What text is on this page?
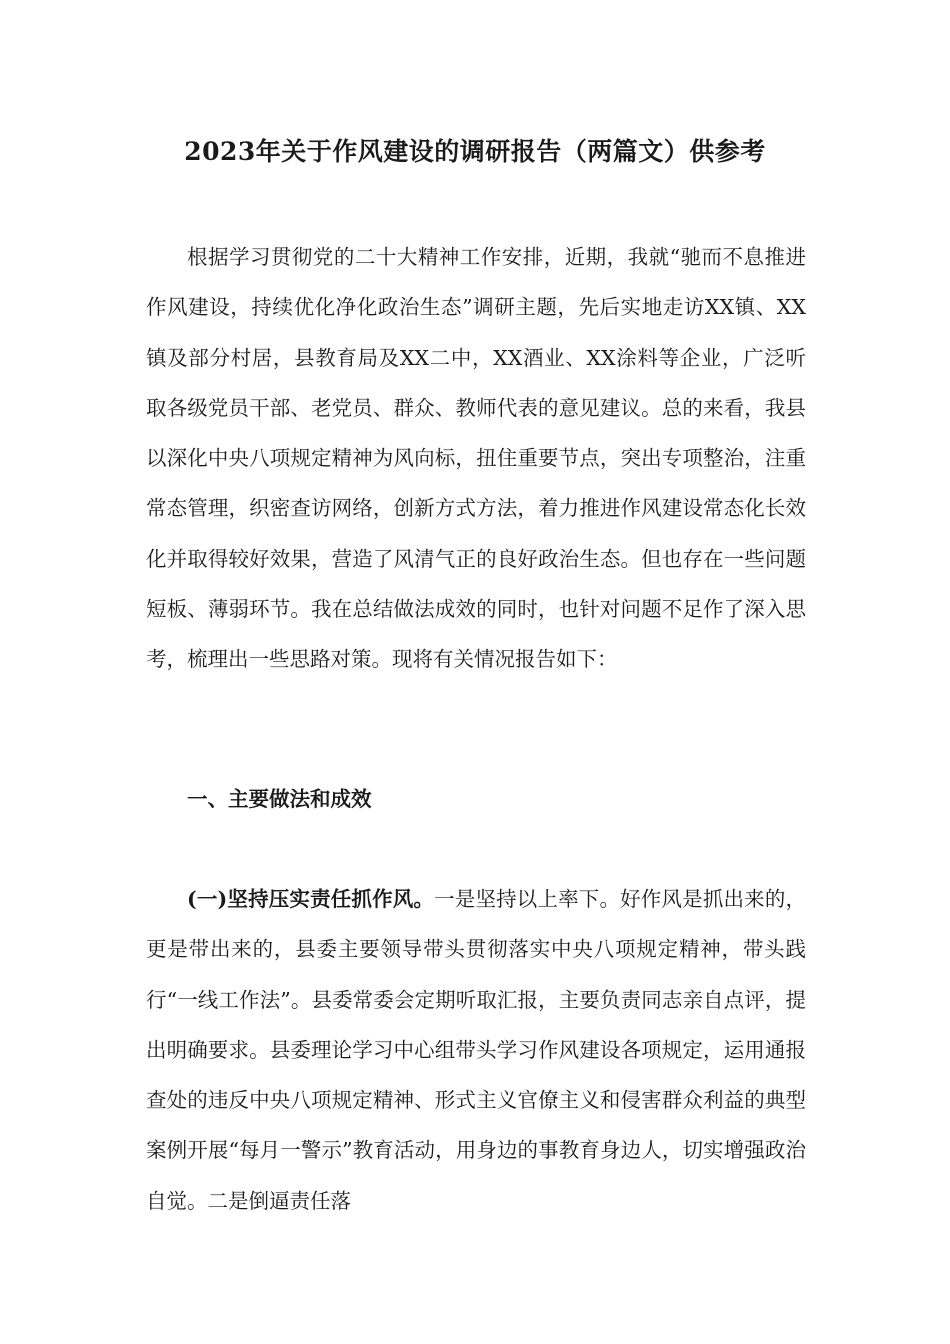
2023年关于作风建设的调研报告（两篇文）供参考

根据学习贯彻党的二十大精神工作安排，近期，我就“驰而不息推进作风建设，持续优化净化政治生态”调研主题，先后实地走访XX镇、XX镇及部分村居，县教育局及XX二中，XX酒业、XX涂料等企业，广泛听取各级党员干部、老党员、群众、教师代表的意见建议。总的来看，我县以深化中央八项规定精神为风向标，扭住重要节点，突出专项整治，注重常态管理，织密查访网络，创新方式方法，着力推进作风建设常态化长效化并取得较好效果，营造了风清气正的良好政治生态。但也存在一些问题短板、薄弱环节。我在总结做法成效的同时，也针对问题不足作了深入思考，梳理出一些思路对策。现将有关情况报告如下：

一、主要做法和成效

(一)坚持压实责任抓作风。一是坚持以上率下。好作风是抓出来的，更是带出来的，县委主要领导带头贯彻落实中央八项规定精神，带头践行“一线工作法”。县委常委会定期听取汇报，主要负责同志亲自点评，提出明确要求。县委理论学习中心组带头学习作风建设各项规定，运用通报查处的违反中央八项规定精神、形式主义官僚主义和侵害群众利益的典型案例开展“每月一警示”教育活动，用身边的事教育身边人，切实增强政治自觉。二是倒逼责任落
